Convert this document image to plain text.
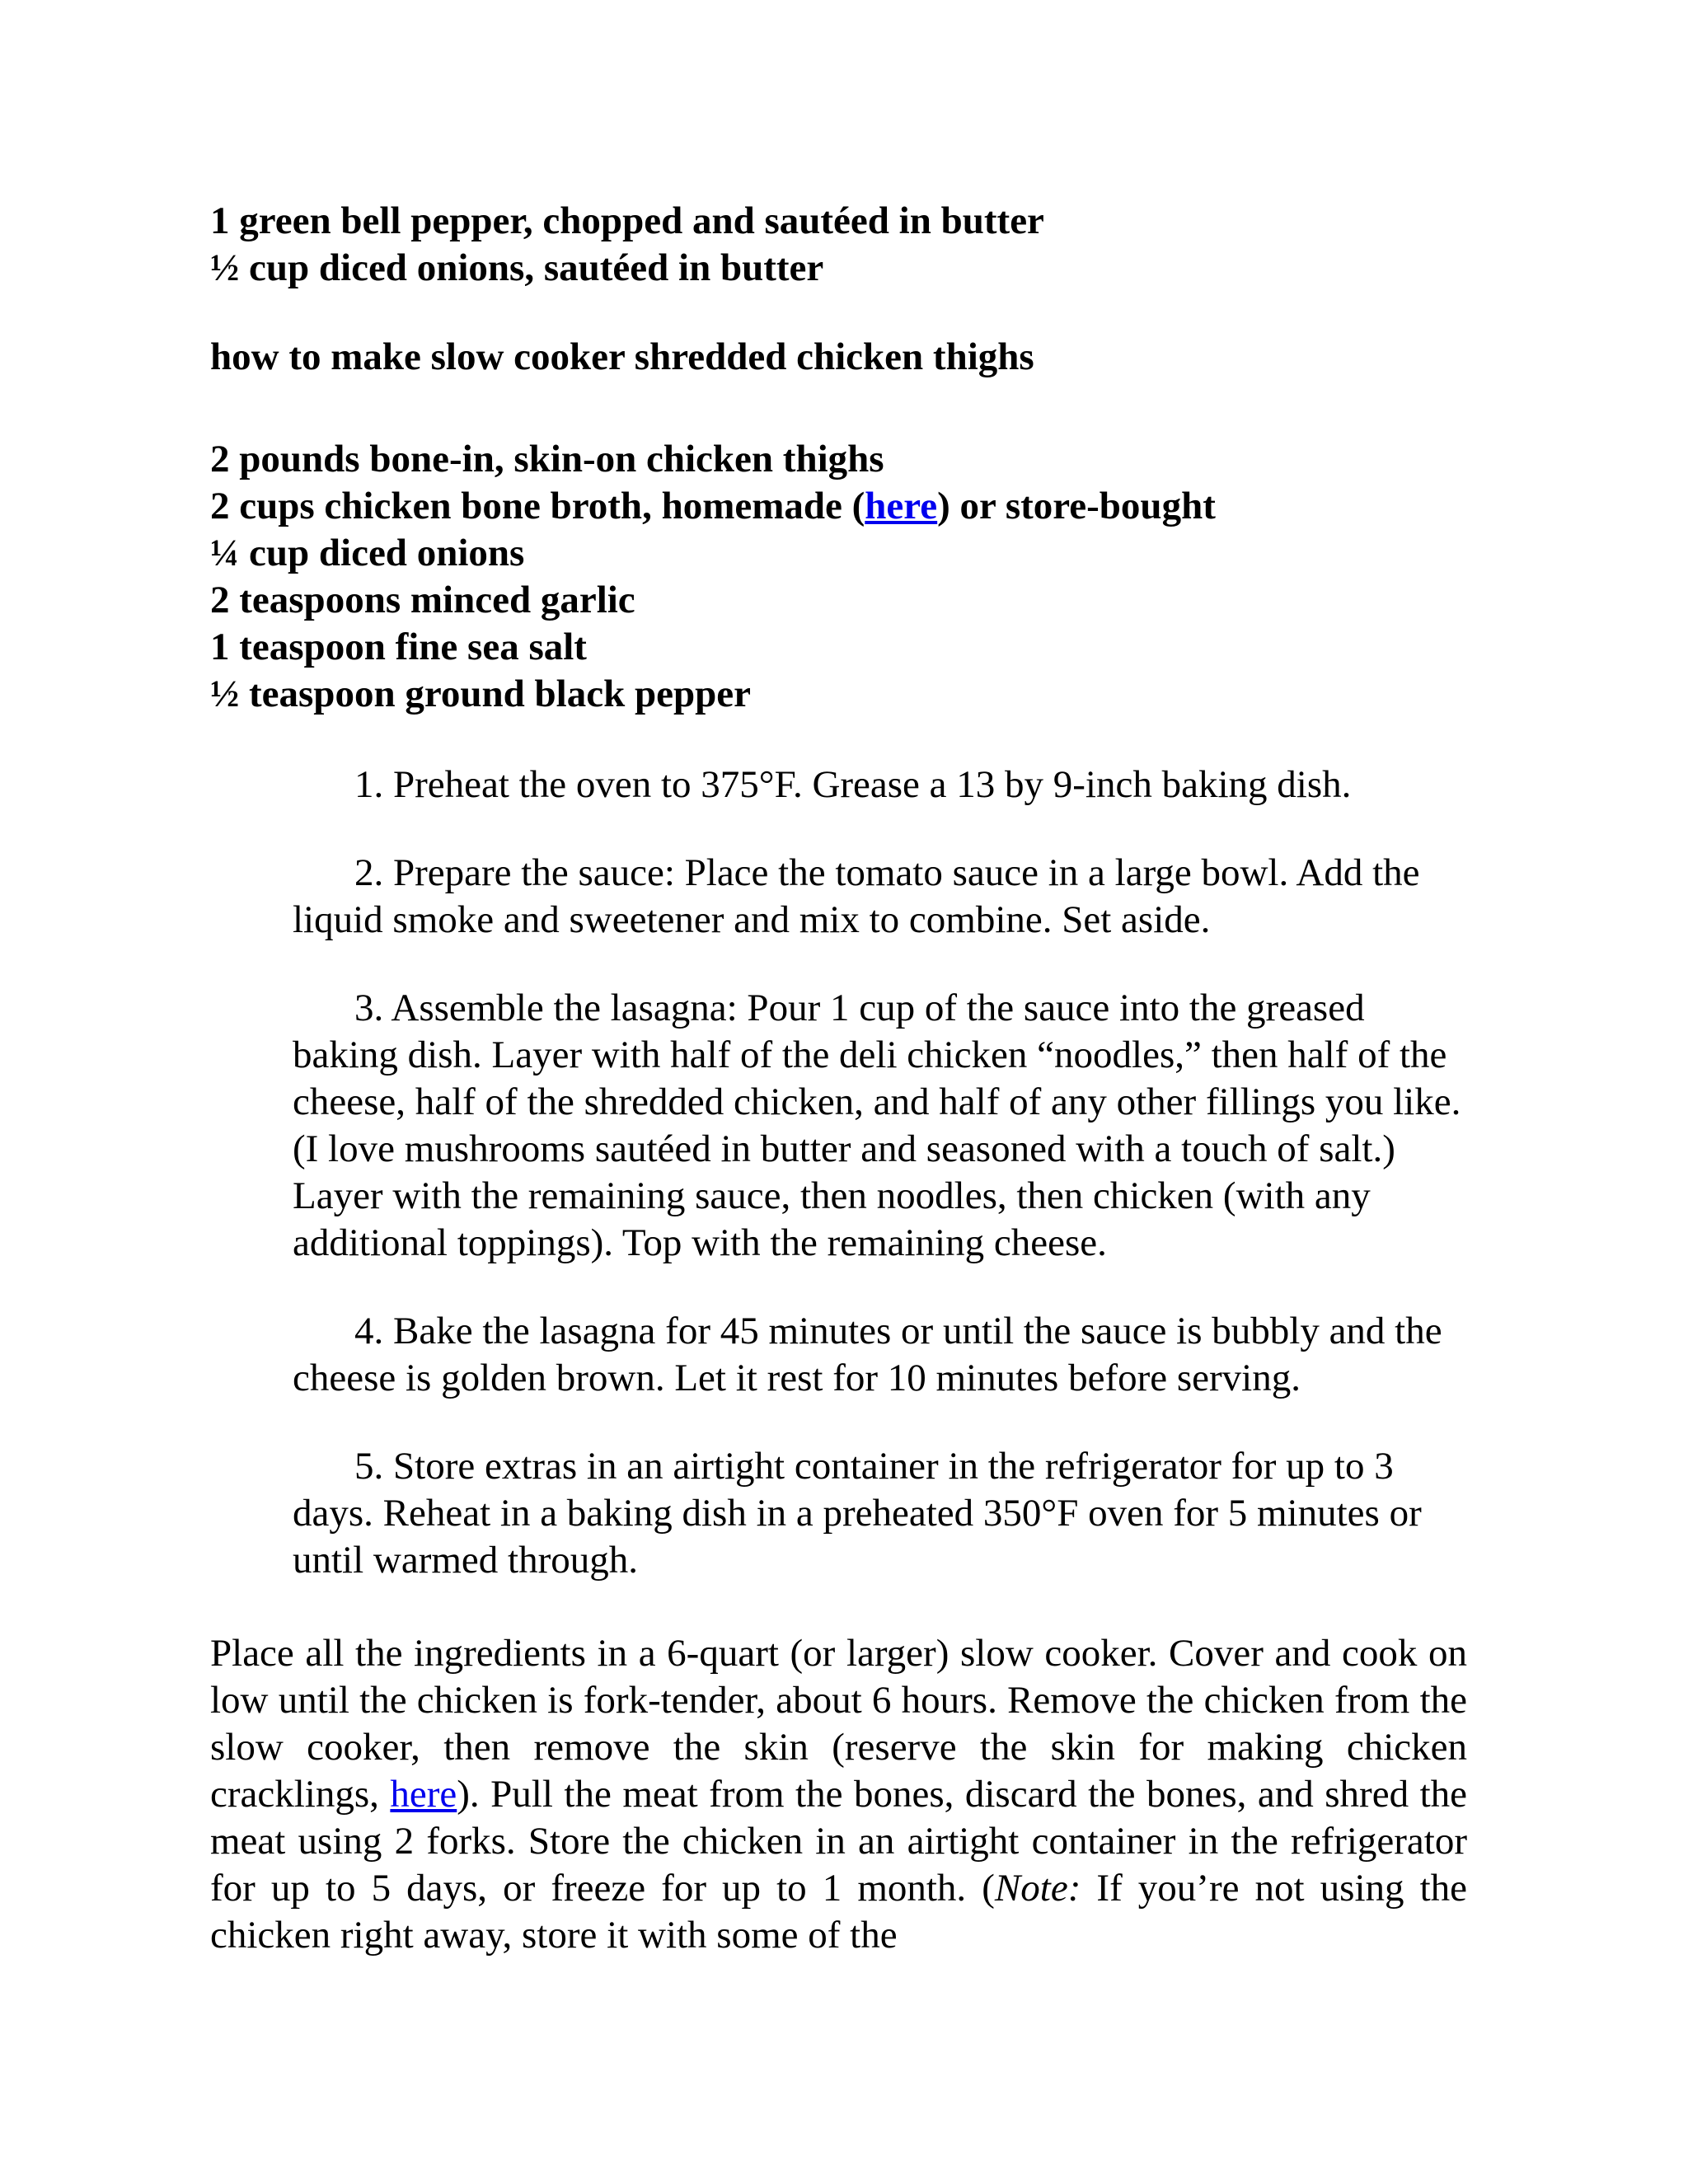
1 green bell pepper, chopped and sautéed in butter

½ cup diced onions, sautéed in butter

how to make slow cooker shredded chicken thighs

2 pounds bone-in, skin-on chicken thighs

2 cups chicken bone broth, homemade (here) or store-bought

¼ cup diced onions

2 teaspoons minced garlic

1 teaspoon fine sea salt

½ teaspoon ground black pepper

1. Preheat the oven to 375°F. Grease a 13 by 9-inch baking dish.

2. Prepare the sauce: Place the tomato sauce in a large bowl. Add the liquid smoke and sweetener and mix to combine. Set aside.

3. Assemble the lasagna: Pour 1 cup of the sauce into the greased baking dish. Layer with half of the deli chicken “noodles,” then half of the cheese, half of the shredded chicken, and half of any other fillings you like. (I love mushrooms sautéed in butter and seasoned with a touch of salt.) Layer with the remaining sauce, then noodles, then chicken (with any additional toppings). Top with the remaining cheese.

4. Bake the lasagna for 45 minutes or until the sauce is bubbly and the cheese is golden brown. Let it rest for 10 minutes before serving.

5. Store extras in an airtight container in the refrigerator for up to 3 days. Reheat in a baking dish in a preheated 350°F oven for 5 minutes or until warmed through.

Place all the ingredients in a 6-quart (or larger) slow cooker. Cover and cook on low until the chicken is fork-tender, about 6 hours. Remove the chicken from the slow cooker, then remove the skin (reserve the skin for making chicken cracklings, here). Pull the meat from the bones, discard the bones, and shred the meat using 2 forks. Store the chicken in an airtight container in the refrigerator for up to 5 days, or freeze for up to 1 month. (Note: If you’re not using the chicken right away, store it with some of the
